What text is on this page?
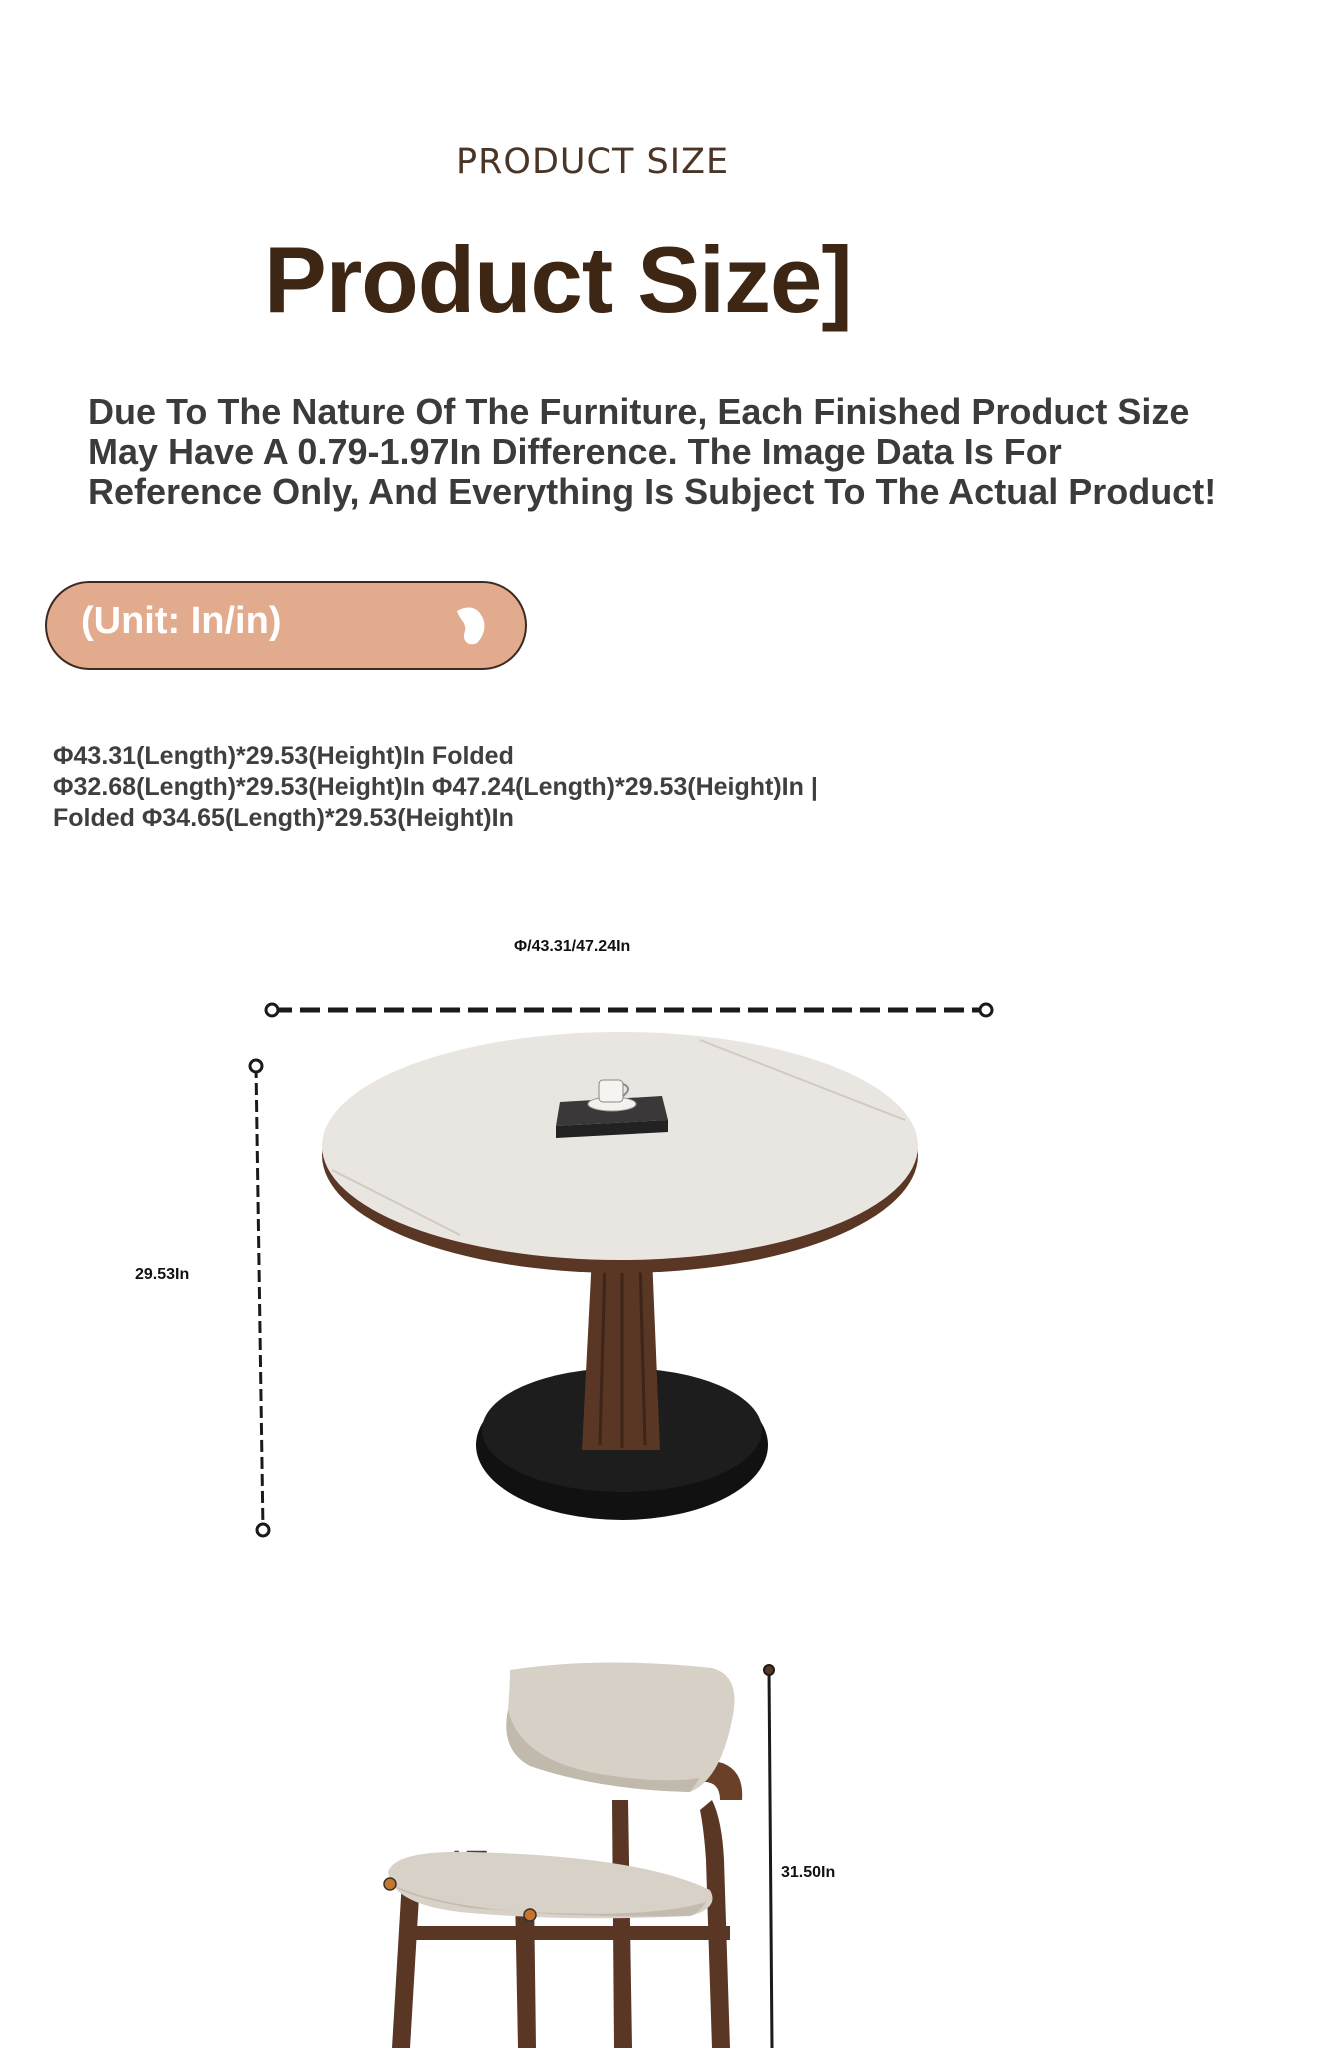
PRODUCT SIZE
Product Size]
Due To The Nature Of The Furniture, Each Finished Product Size
May Have A 0.79-1.97In Difference. The Image Data Is For
Reference Only, And Everything Is Subject To The Actual Product!
(Unit: In/in)
Φ43.31(Length)*29.53(Height)In Folded
Φ32.68(Length)*29.53(Height)In Φ47.24(Length)*29.53(Height)In |
Folded Φ34.65(Length)*29.53(Height)In
Φ/43.31/47.24In
29.53In
31.50In
